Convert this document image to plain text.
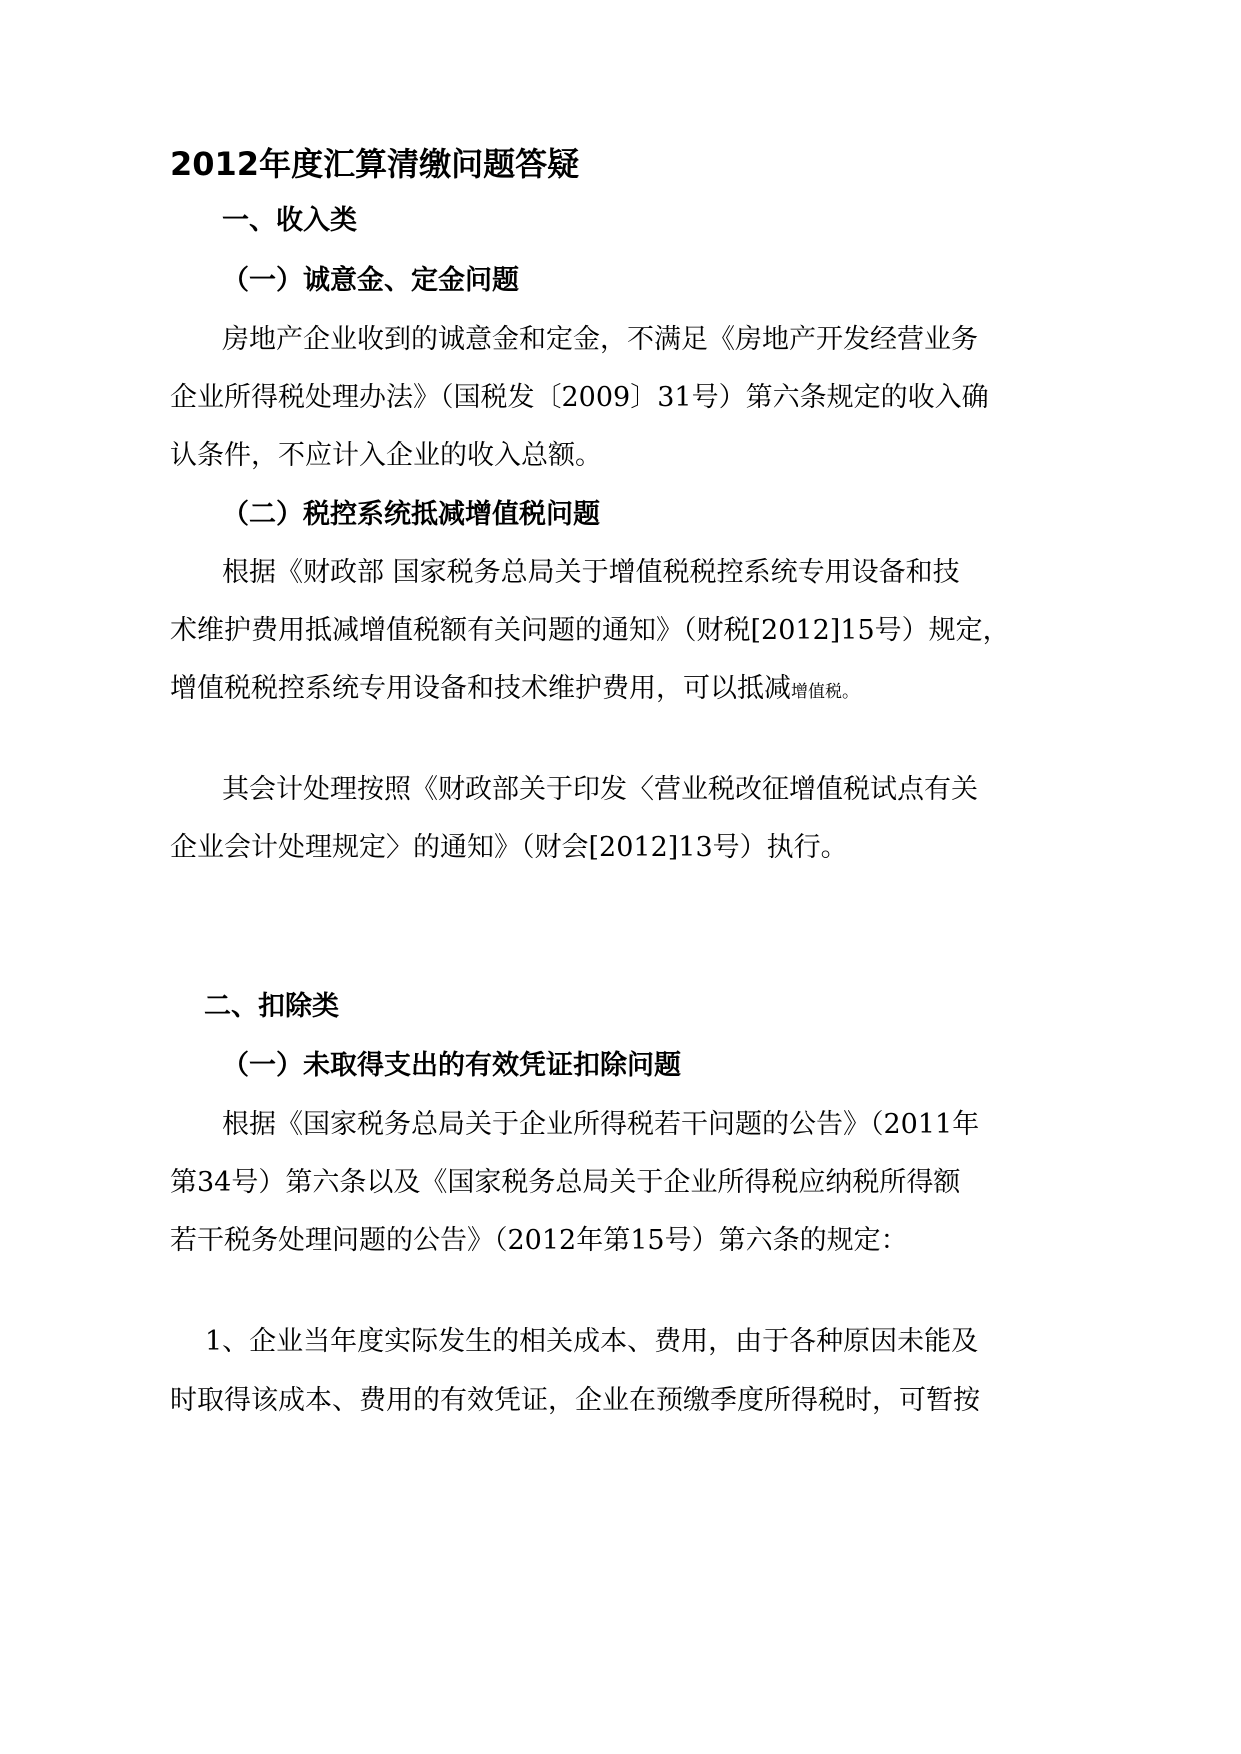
2012年度汇算清缴问题答疑
一、收入类
（一）诚意金、定金问题
房地产企业收到的诚意金和定金，不满足《房地产开发经营业务
企业所得税处理办法》（国税发〔2009〕31号）第六条规定的收入确
认条件，不应计入企业的收入总额。
（二）税控系统抵减增值税问题
根据《财政部 国家税务总局关于增值税税控系统专用设备和技
术维护费用抵减增值税额有关问题的通知》（财税[2012]15号）规定，
增值税税控系统专用设备和技术维护费用，可以抵减增值税。
其会计处理按照《财政部关于印发〈营业税改征增值税试点有关
企业会计处理规定〉的通知》（财会[2012]13号）执行。
二、扣除类
（一）未取得支出的有效凭证扣除问题
根据《国家税务总局关于企业所得税若干问题的公告》（2011年
第34号）第六条以及《国家税务总局关于企业所得税应纳税所得额
若干税务处理问题的公告》（2012年第15号）第六条的规定：
1、企业当年度实际发生的相关成本、费用，由于各种原因未能及
时取得该成本、费用的有效凭证，企业在预缴季度所得税时，可暂按
